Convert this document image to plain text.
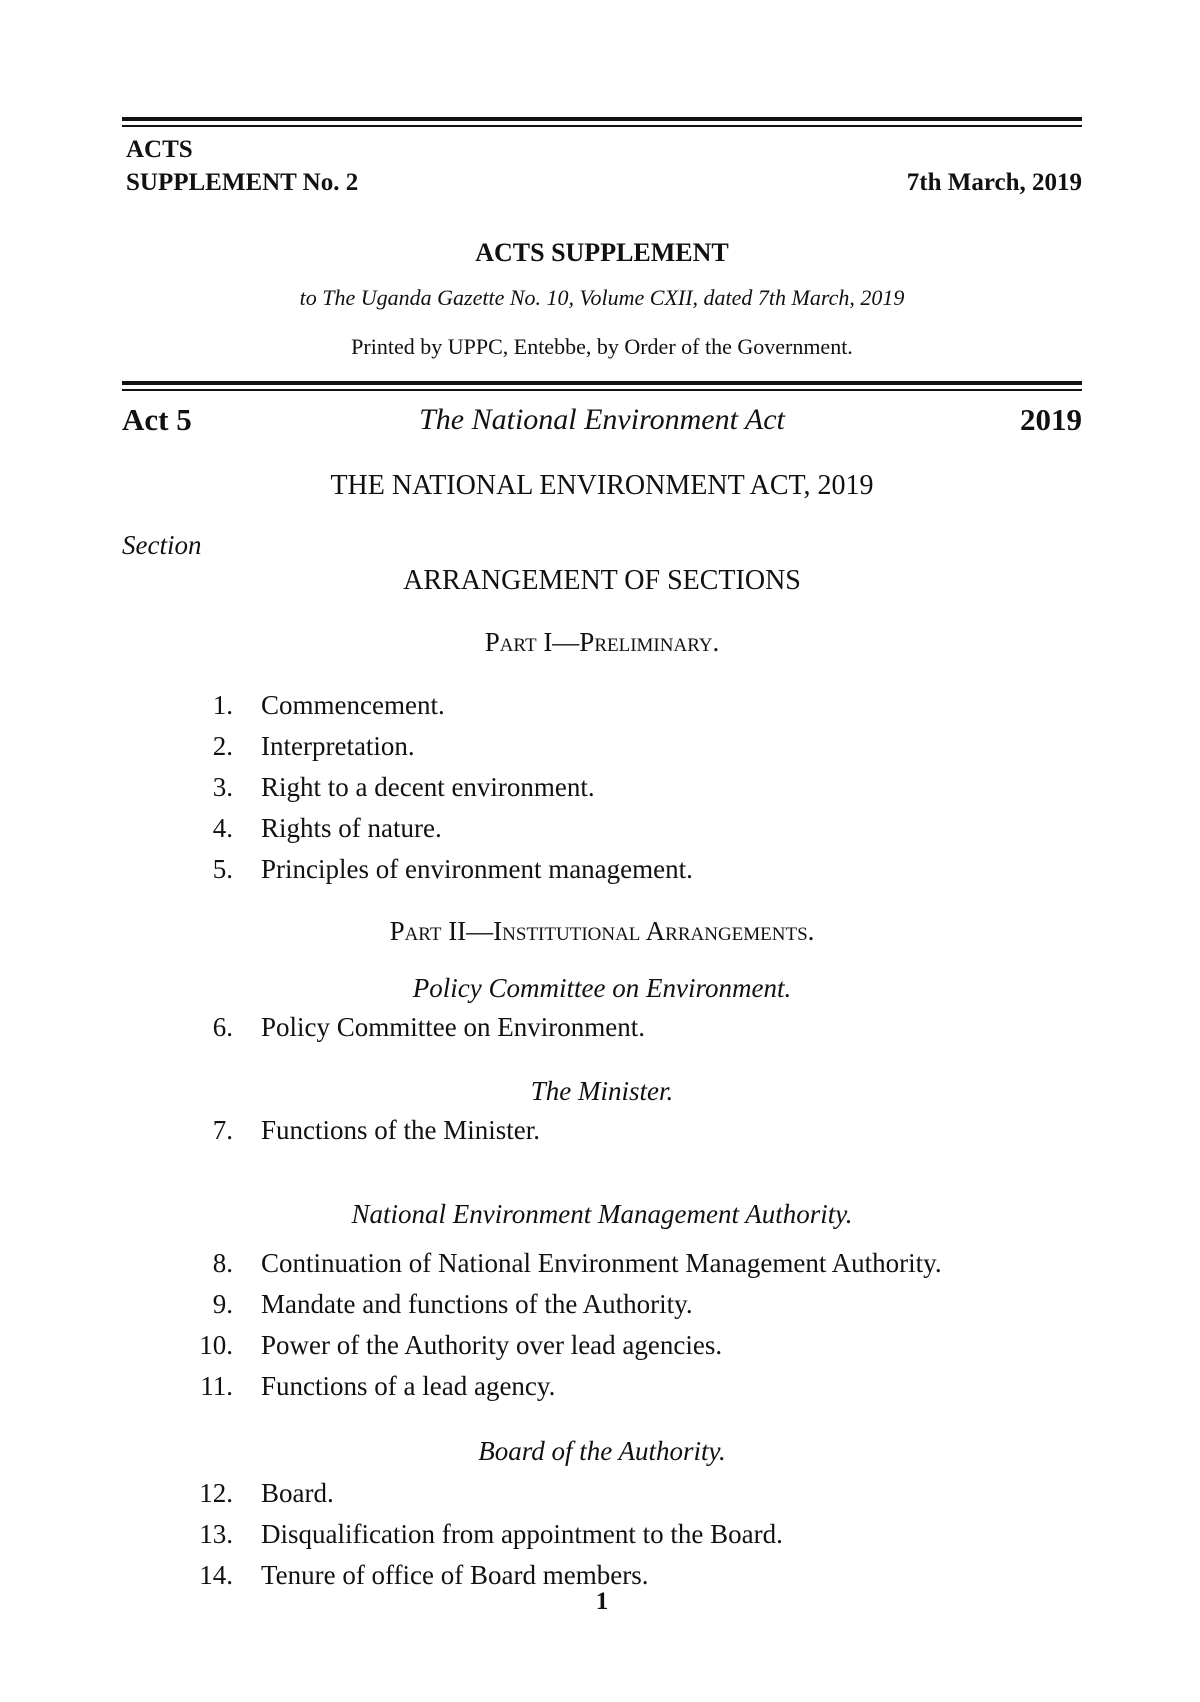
ACTS
SUPPLEMENT No. 2	7th March, 2019
ACTS SUPPLEMENT
to The Uganda Gazette No. 10, Volume CXII, dated 7th March, 2019
Printed by UPPC, Entebbe, by Order of the Government.
Act 5	The National Environment Act	2019
THE NATIONAL ENVIRONMENT ACT, 2019
Section
ARRANGEMENT OF SECTIONS
Part I—Preliminary.
1. Commencement.
2. Interpretation.
3. Right to a decent environment.
4. Rights of nature.
5. Principles of environment management.
Part II—Institutional Arrangements.
Policy Committee on Environment.
6. Policy Committee on Environment.
The Minister.
7. Functions of the Minister.
National Environment Management Authority.
8. Continuation of National Environment Management Authority.
9. Mandate and functions of the Authority.
10. Power of the Authority over lead agencies.
11. Functions of a lead agency.
Board of the Authority.
12. Board.
13. Disqualification from appointment to the Board.
14. Tenure of office of Board members.
1
